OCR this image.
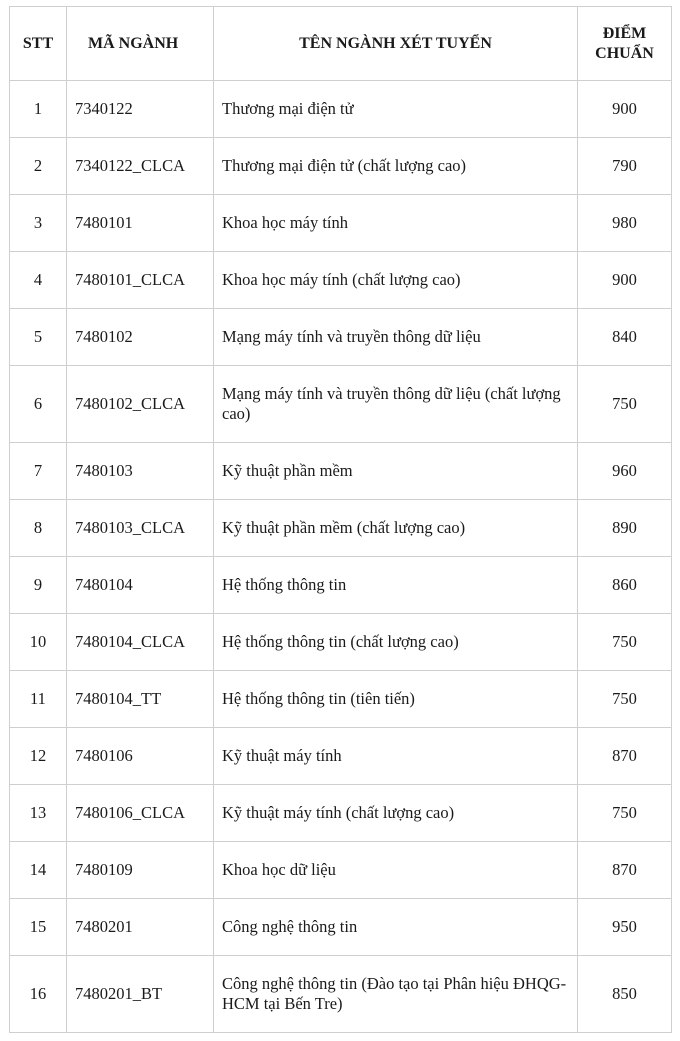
STT	MÃ NGÀNH	TÊN NGÀNH XÉT TUYỂN	ĐIỂM
CHUẨN

1	7340122	Thương mại điện tử	900
2	7340122_CLCA	Thương mại điện tử (chất lượng cao)	790
3	7480101	Khoa học máy tính	980
4	7480101_CLCA	Khoa học máy tính (chất lượng cao)	900
5	7480102	Mạng máy tính và truyền thông dữ liệu	840
6	7480102_CLCA	Mạng máy tính và truyền thông dữ liệu (chất lượng cao)	750
7	7480103	Kỹ thuật phần mềm	960
8	7480103_CLCA	Kỹ thuật phần mềm (chất lượng cao)	890
9	7480104	Hệ thống thông tin	860
10	7480104_CLCA	Hệ thống thông tin (chất lượng cao)	750
11	7480104_TT	Hệ thống thông tin (tiên tiến)	750
12	7480106	Kỹ thuật máy tính	870
13	7480106_CLCA	Kỹ thuật máy tính (chất lượng cao)	750
14	7480109	Khoa học dữ liệu	870
15	7480201	Công nghệ thông tin	950
16	7480201_BT	Công nghệ thông tin (Đào tạo tại Phân hiệu ĐHQG-HCM tại Bến Tre)	850
